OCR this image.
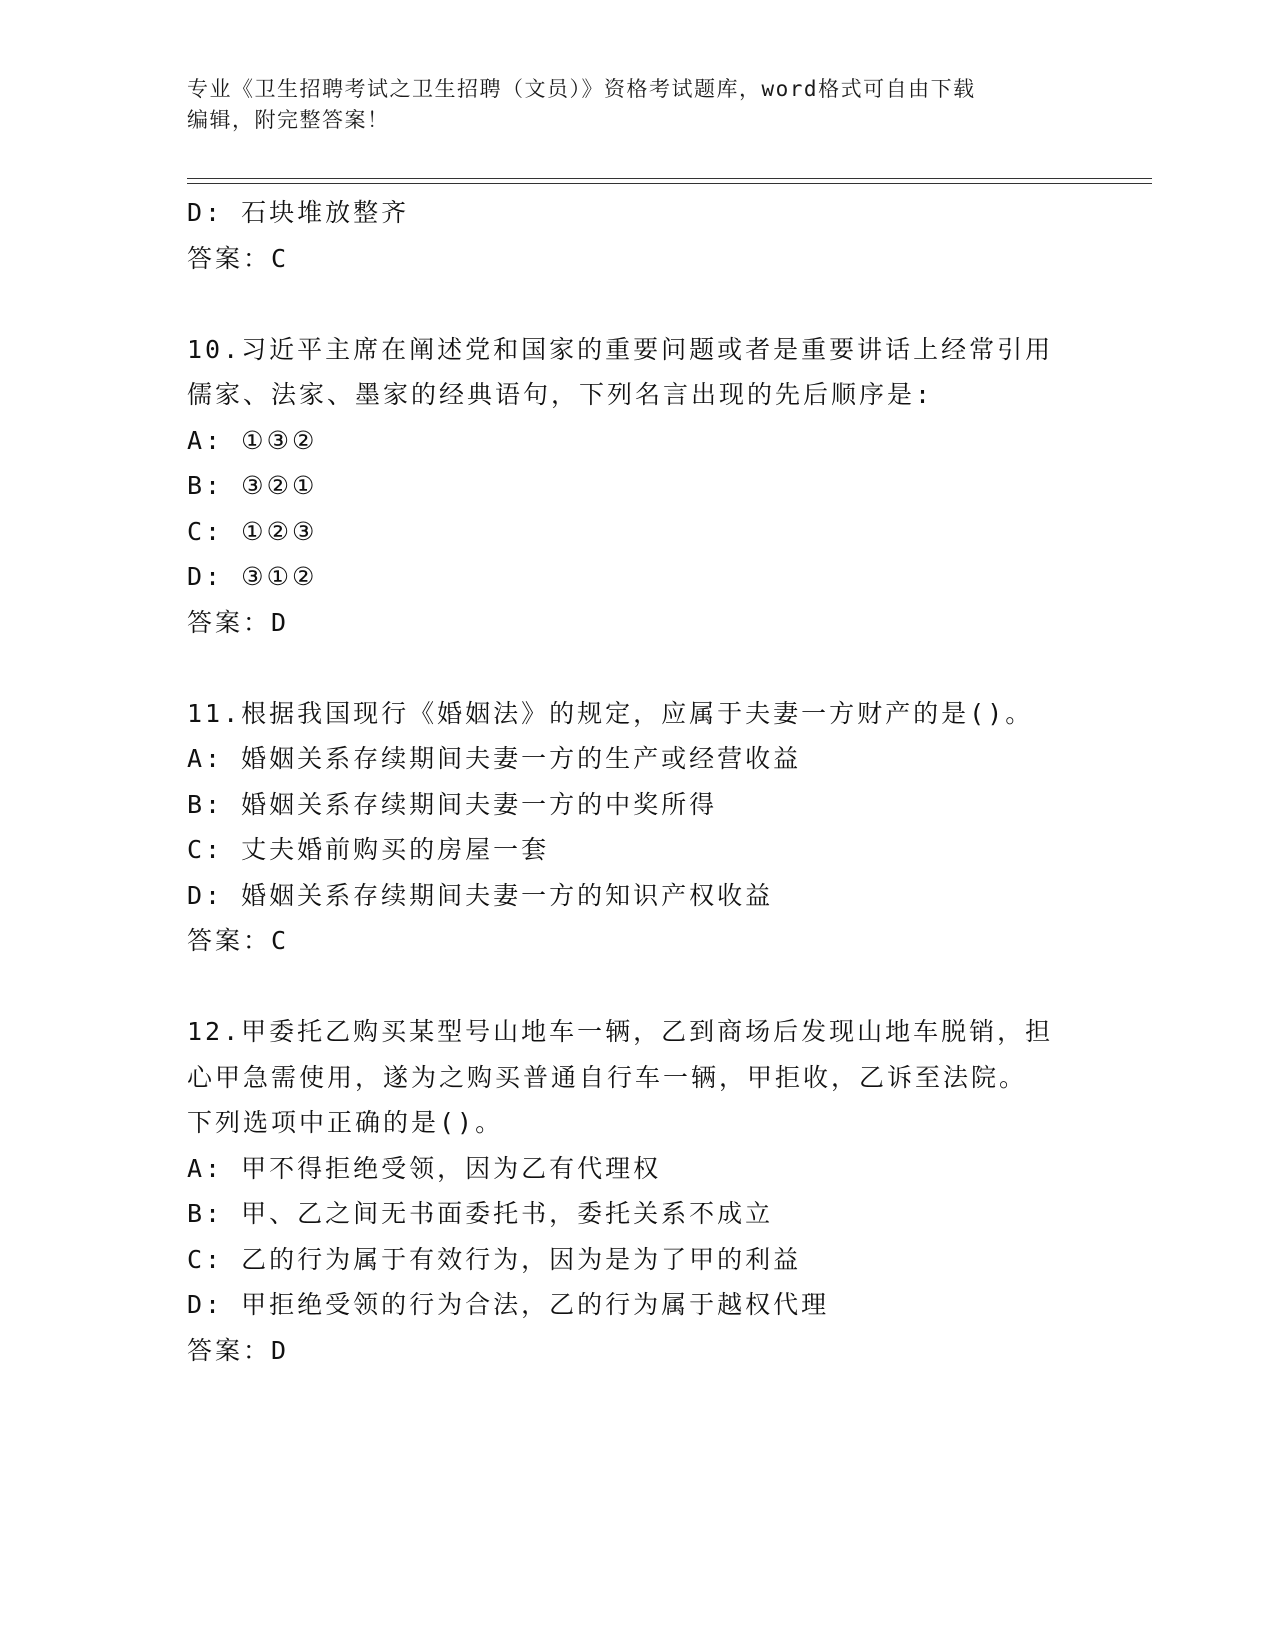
专业《卫生招聘考试之卫生招聘（文员）》资格考试题库，word格式可自由下载
编辑，附完整答案！
D: 石块堆放整齐
答案：C
10.习近平主席在阐述党和国家的重要问题或者是重要讲话上经常引用
儒家、法家、墨家的经典语句，下列名言出现的先后顺序是:
A: ①③②
B: ③②①
C: ①②③
D: ③①②
答案：D
11.根据我国现行《婚姻法》的规定，应属于夫妻一方财产的是()。
A: 婚姻关系存续期间夫妻一方的生产或经营收益
B: 婚姻关系存续期间夫妻一方的中奖所得
C: 丈夫婚前购买的房屋一套
D: 婚姻关系存续期间夫妻一方的知识产权收益
答案：C
12.甲委托乙购买某型号山地车一辆，乙到商场后发现山地车脱销，担
心甲急需使用，遂为之购买普通自行车一辆，甲拒收，乙诉至法院。
下列选项中正确的是()。
A: 甲不得拒绝受领，因为乙有代理权
B: 甲、乙之间无书面委托书，委托关系不成立
C: 乙的行为属于有效行为，因为是为了甲的利益
D: 甲拒绝受领的行为合法，乙的行为属于越权代理
答案：D
